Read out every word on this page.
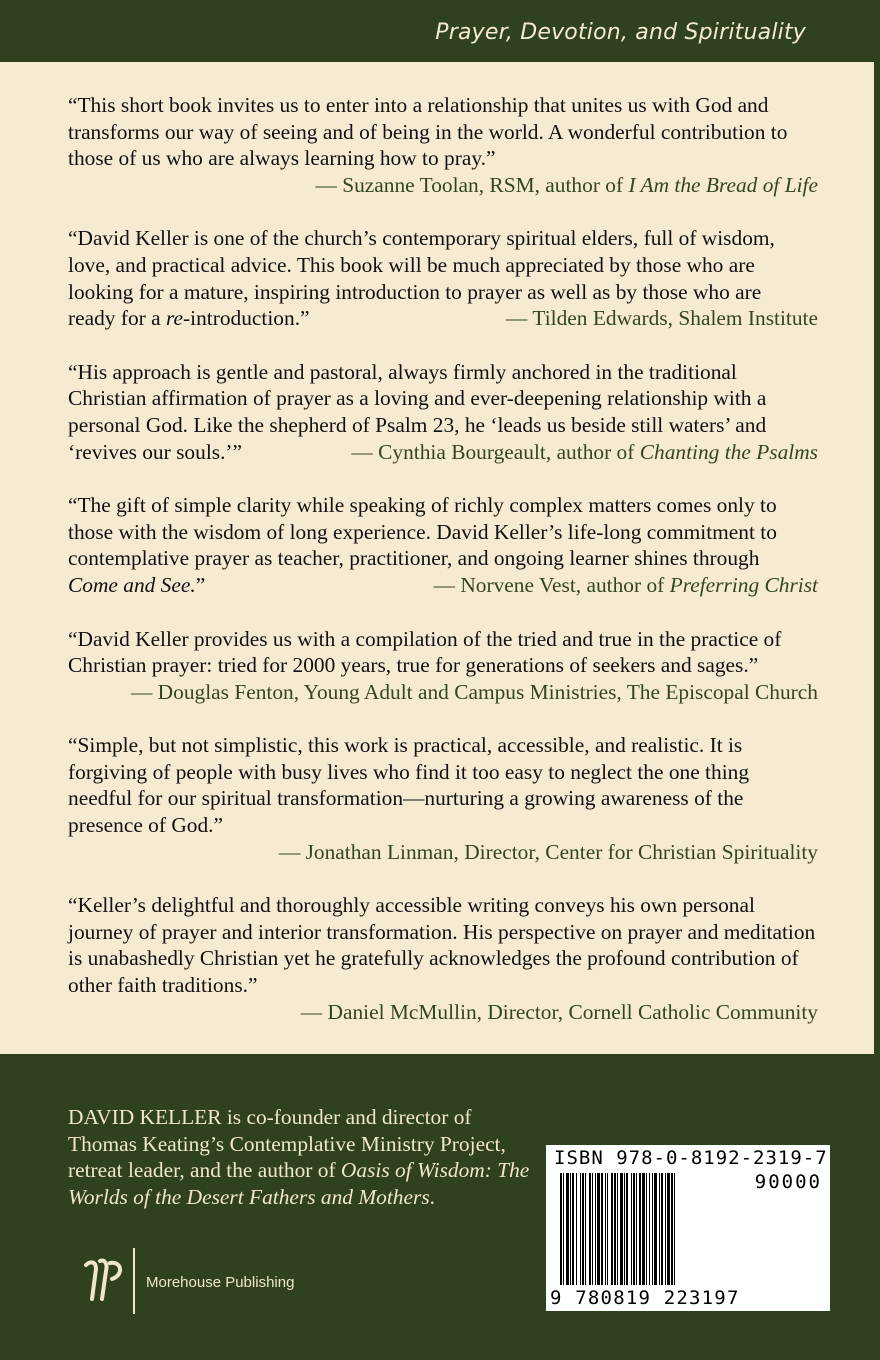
Prayer, Devotion, and Spirituality
“This short book invites us to enter into a relationship that unites us with God and transforms our way of seeing and of being in the world. A wonderful contribution to those of us who are always learning how to pray.”
— Suzanne Toolan, RSM, author of I Am the Bread of Life
“David Keller is one of the church’s contemporary spiritual elders, full of wisdom, love, and practical advice. This book will be much appreciated by those who are looking for a mature, inspiring introduction to prayer as well as by those who are
ready for a re-introduction.”	— Tilden Edwards, Shalem Institute
“His approach is gentle and pastoral, always firmly anchored in the traditional Christian affirmation of prayer as a loving and ever-deepening relationship with a personal God. Like the shepherd of Psalm 23, he ‘leads us beside still waters’ and
‘revives our souls.’”	— Cynthia Bourgeault, author of Chanting the Psalms
“The gift of simple clarity while speaking of richly complex matters comes only to those with the wisdom of long experience. David Keller’s life-long commitment to contemplative prayer as teacher, practitioner, and ongoing learner shines through
Come and See.”	— Norvene Vest, author of Preferring Christ
“David Keller provides us with a compilation of the tried and true in the practice of Christian prayer: tried for 2000 years, true for generations of seekers and sages.”
— Douglas Fenton, Young Adult and Campus Ministries, The Episcopal Church
“Simple, but not simplistic, this work is practical, accessible, and realistic. It is forgiving of people with busy lives who find it too easy to neglect the one thing needful for our spiritual transformation—nurturing a growing awareness of the presence of God.”
— Jonathan Linman, Director, Center for Christian Spirituality
“Keller’s delightful and thoroughly accessible writing conveys his own personal journey of prayer and interior transformation. His perspective on prayer and meditation is unabashedly Christian yet he gratefully acknowledges the profound contribution of other faith traditions.”
— Daniel McMullin, Director, Cornell Catholic Community
DAVID KELLER is co-founder and director of Thomas Keating’s Contemplative Ministry Project, retreat leader, and the author of Oasis of Wisdom: The Worlds of the Desert Fathers and Mothers.
Morehouse Publishing
ISBN 978-0-8192-2319-7
90000
9 780819 223197
